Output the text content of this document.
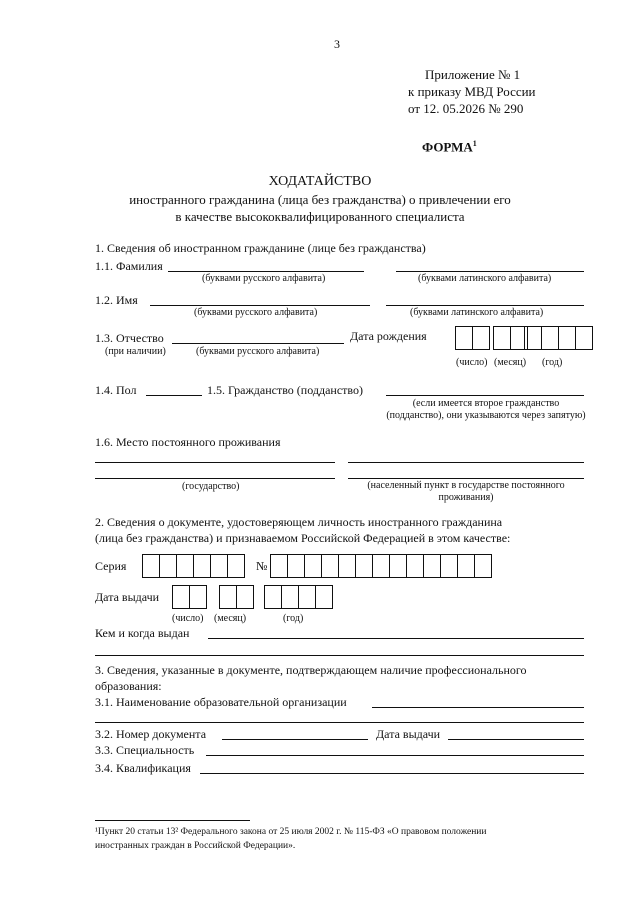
3
Приложение № 1
к приказу МВД России
от 12. 05.2026 № 290
ФОРМА$^1$
ХОДАТАЙСТВО
иностранного гражданина (лица без гражданства) о привлечении его
в качестве высококвалифицированного специалиста
1. Сведения об иностранном гражданине (лице без гражданства)
1.1. Фамилия
(буквами русского алфавита)	(буквами латинского алфавита)
1.2. Имя
(буквами русского алфавита)	(буквами латинского алфавита)
1.3. Отчество	Дата рождения
(при наличии)	(буквами русского алфавита)
(число) (месяц) (год)
1.4. Пол	1.5. Гражданство (подданство)
(если имеется второе гражданство (подданство), они указываются через запятую)
1.6. Место постоянного проживания
(государство)	(населенный пункт в государстве постоянного проживания)
2. Сведения о документе, удостоверяющем личность иностранного гражданина
(лица без гражданства) и признаваемом Российской Федерацией в этом качестве:
Серия	№
Дата выдачи
(число) (месяц)	(год)
Кем и когда выдан
3. Сведения, указанные в документе, подтверждающем наличие профессионального
образования:
3.1. Наименование образовательной организации
3.2. Номер документа	Дата выдачи
3.3. Специальность
3.4. Квалификация
¹Пункт 20 статьи 13² Федерального закона от 25 июля 2002 г. № 115-ФЗ «О правовом положении
иностранных граждан в Российской Федерации».
